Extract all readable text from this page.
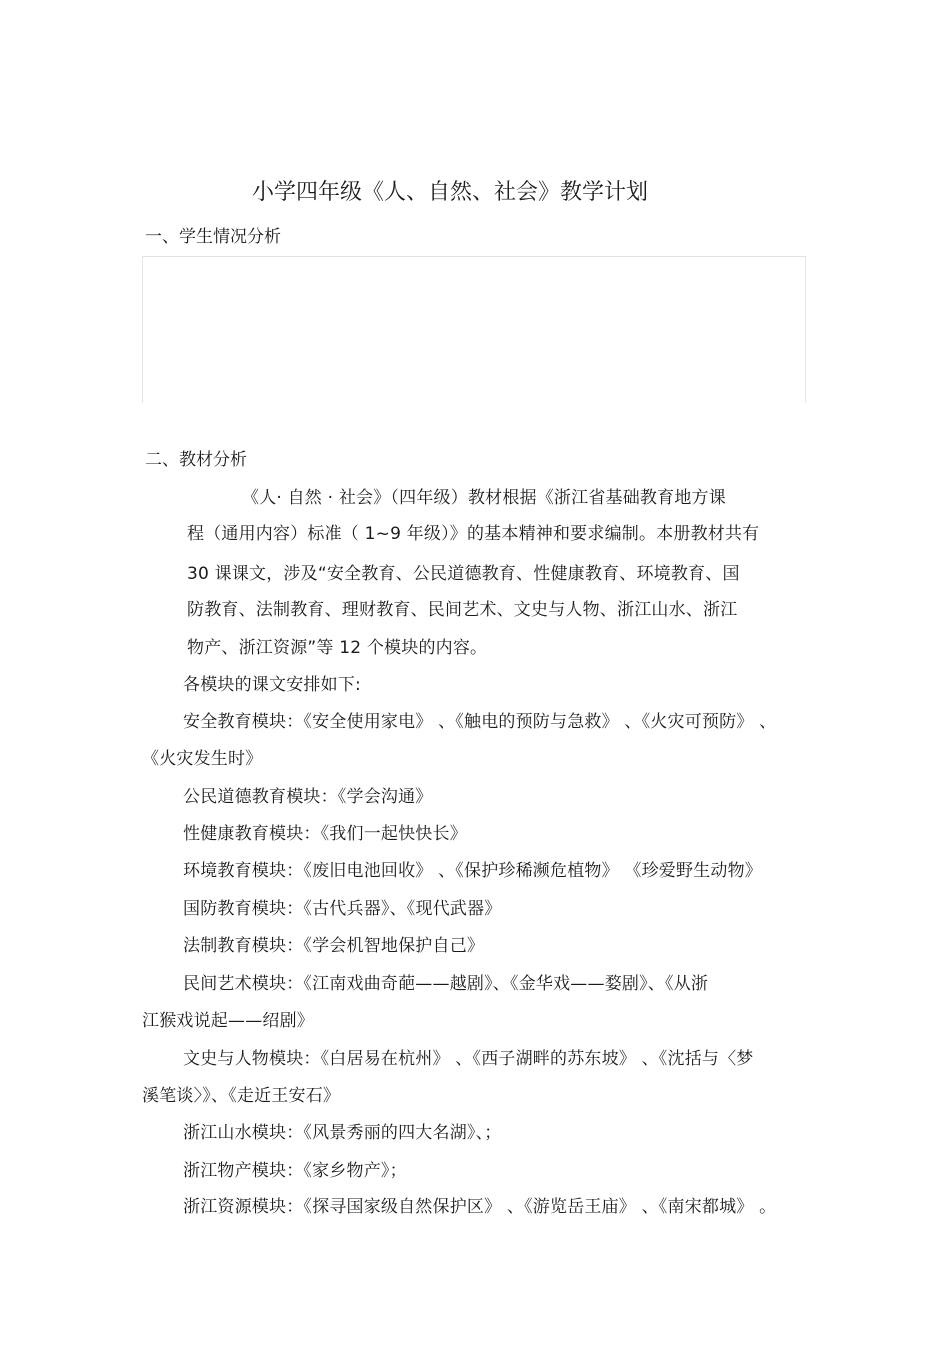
小学四年级《人、自然、社会》教学计划
一、学生情况分析
二、教材分析
《人· 自然 · 社会》（四年级）教材根据《浙江省基础教育地方课
程（通用内容）标准（ 1~9 年级）》的基本精神和要求编制。本册教材共有
30 课课文，涉及“安全教育、公民道德教育、性健康教育、环境教育、国
防教育、法制教育、理财教育、民间艺术、文史与人物、浙江山水、浙江
物产、浙江资源”等 12 个模块的内容。
各模块的课文安排如下:
安全教育模块：《安全使用家电》 、《触电的预防与急救》 、《火灾可预防》 、
《火灾发生时》
公民道德教育模块：《学会沟通》
性健康教育模块：《我们一起快快长》
环境教育模块：《废旧电池回收》 、《保护珍稀濒危植物》 《珍爱野生动物》
国防教育模块：《古代兵器》、《现代武器》
法制教育模块：《学会机智地保护自己》
民间艺术模块：《江南戏曲奇葩——越剧》、《金华戏——婺剧》、《从浙
江猴戏说起——绍剧》
文史与人物模块：《白居易在杭州》 、《西子湖畔的苏东坡》 、《沈括与〈梦
溪笔谈〉》、《走近王安石》
浙江山水模块：《风景秀丽的四大名湖》、；
浙江物产模块：《家乡物产》；
浙江资源模块：《探寻国家级自然保护区》 、《游览岳王庙》 、《南宋都城》 。
